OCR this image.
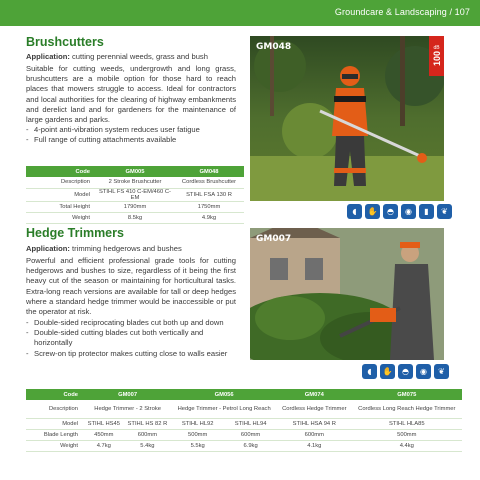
Groundcare & Landscaping / 107
Brushcutters
Application: cutting perennial weeds, grass and bush
Suitable for cutting weeds, undergrowth and long grass, brushcutters are a mobile option for those hard to reach places that mowers struggle to access. Ideal for contractors and local authorities for the clearing of highway embankments and derelict land and for gardeners for the maintenance of large gardens and parks.
- 4-point anti-vibration system reduces user fatigue
- Full range of cutting attachments available
GM048	dB
100
Code	GM005	GM048
Description	2 Stroke Brushcutter	Cordless Brushcutter
Model	STIHL FS 410 C-EM/460 C-EM	STIHL FSA 130 R
Total Height	1790mm	1750mm
Weight	8.5kg	4.9kg
◖	✋	◓	◉	▮	❦
Hedge Trimmers
Application: trimming hedgerows and bushes
Powerful and efficient professional grade tools for cutting hedgerows and bushes to size, regardless of it being the first heavy cut of the season or maintaining for horticultural tasks. Extra-long reach versions are available for tall or deep hedges where a standard hedge trimmer would be inaccessible or put the operator at risk.
- Double-sided reciprocating blades cut both up and down
- Double-sided cutting blades cut both vertically and horizontally
- Screw-on tip protector makes cutting close to walls easier
GM007
◖	✋	◓	◉	❦
Code	GM007		GM056		GM074	GM075
Description	Hedge Trimmer - 2 Stroke		Hedge Trimmer - Petrol Long Reach		Cordless Hedge Trimmer	Cordless Long Reach Hedge Trimmer
Model	STIHL HS45	STIHL HS 82 R	STIHL HL92	STIHL HL94	STIHL HSA 94 R	STIHL HLA85
Blade Length	450mm	600mm	500mm	600mm	600mm	500mm
Weight	4.7kg	5.4kg	5.5kg	6.9kg	4.1kg	4.4kg
